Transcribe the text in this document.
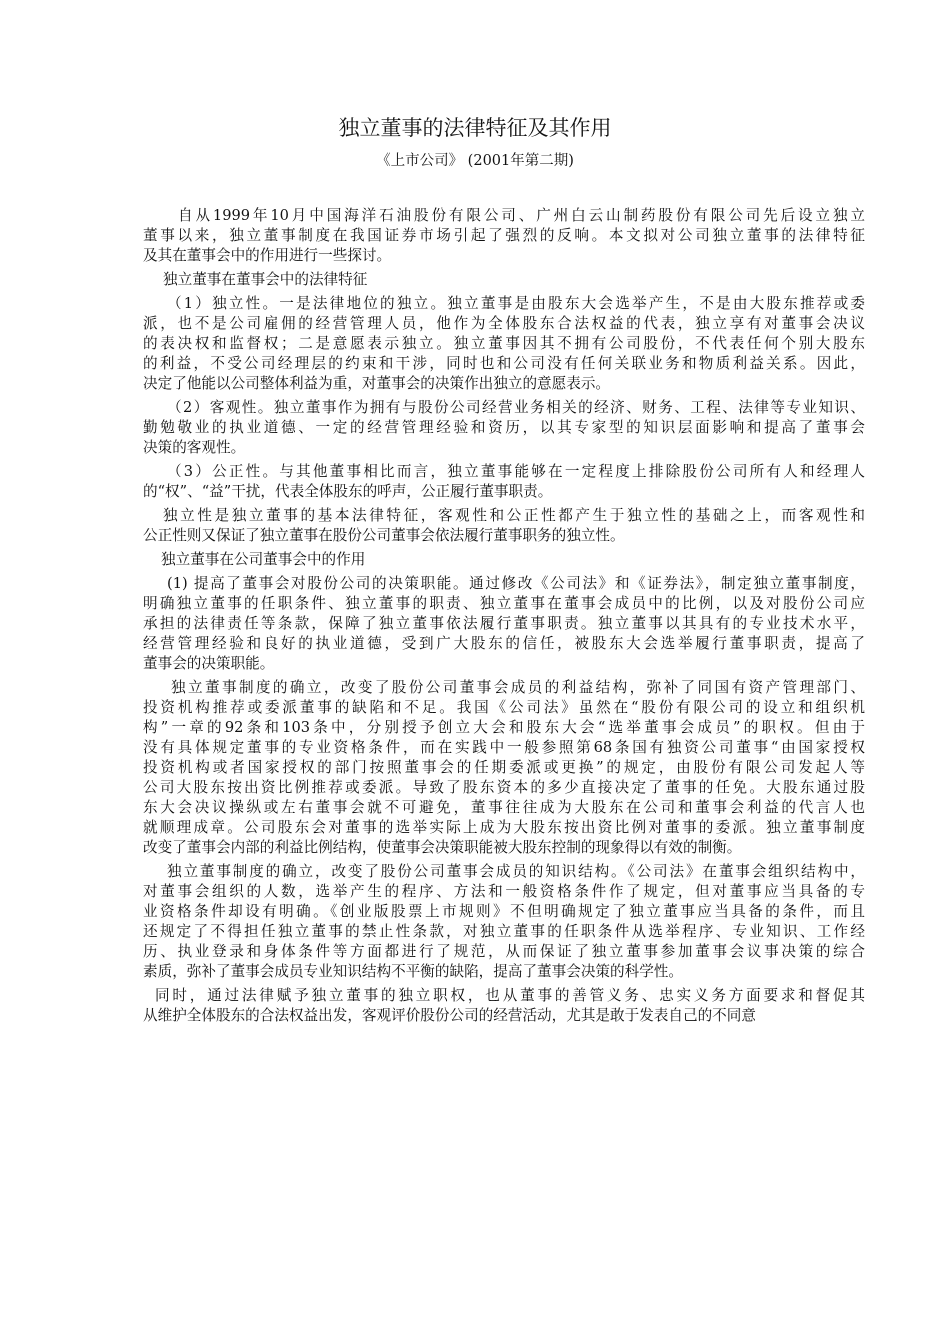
独立董事的法律特征及其作用
《上市公司》 (2001年第二期)
自从1999年10月中国海洋石油股份有限公司、广州白云山制药股份有限公司先后设立独立
董事以来，独立董事制度在我国证券市场引起了强烈的反响。本文拟对公司独立董事的法律特征
及其在董事会中的作用进行一些探讨。
独立董事在董事会中的法律特征
（1）独立性。一是法律地位的独立。独立董事是由股东大会选举产生，不是由大股东推荐或委
派，也不是公司雇佣的经营管理人员，他作为全体股东合法权益的代表，独立享有对董事会决议
的表决权和监督权；二是意愿表示独立。独立董事因其不拥有公司股份，不代表任何个别大股东
的利益，不受公司经理层的约束和干涉，同时也和公司没有任何关联业务和物质利益关系。因此，
决定了他能以公司整体利益为重，对董事会的决策作出独立的意愿表示。
（2）客观性。独立董事作为拥有与股份公司经营业务相关的经济、财务、工程、法律等专业知识、
勤勉敬业的执业道德、一定的经营管理经验和资历，以其专家型的知识层面影响和提高了董事会
决策的客观性。
（3）公正性。与其他董事相比而言，独立董事能够在一定程度上排除股份公司所有人和经理人
的“权”、“益”干扰，代表全体股东的呼声，公正履行董事职责。
独立性是独立董事的基本法律特征，客观性和公正性都产生于独立性的基础之上，而客观性和
公正性则又保证了独立董事在股份公司董事会依法履行董事职务的独立性。
独立董事在公司董事会中的作用
(1) 提高了董事会对股份公司的决策职能。通过修改《公司法》和《证券法》，制定独立董事制度，
明确独立董事的任职条件、独立董事的职责、独立董事在董事会成员中的比例，以及对股份公司应
承担的法律责任等条款，保障了独立董事依法履行董事职责。独立董事以其具有的专业技术水平，
经营管理经验和良好的执业道德，受到广大股东的信任，被股东大会选举履行董事职责，提高了
董事会的决策职能。
独立董事制度的确立，改变了股份公司董事会成员的利益结构，弥补了同国有资产管理部门、
投资机构推荐或委派董事的缺陷和不足。我国《公司法》虽然在“股份有限公司的设立和组织机
构”一章的92条和103条中，分别授予创立大会和股东大会“选举董事会成员”的职权。但由于
没有具体规定董事的专业资格条件，而在实践中一般参照第68条国有独资公司董事“由国家授权
投资机构或者国家授权的部门按照董事会的任期委派或更换”的规定，由股份有限公司发起人等
公司大股东按出资比例推荐或委派。导致了股东资本的多少直接决定了董事的任免。大股东通过股
东大会决议操纵或左右董事会就不可避免，董事往往成为大股东在公司和董事会利益的代言人也
就顺理成章。公司股东会对董事的选举实际上成为大股东按出资比例对董事的委派。独立董事制度
改变了董事会内部的利益比例结构，使董事会决策职能被大股东控制的现象得以有效的制衡。
独立董事制度的确立，改变了股份公司董事会成员的知识结构。《公司法》在董事会组织结构中，
对董事会组织的人数，选举产生的程序、方法和一般资格条件作了规定，但对董事应当具备的专
业资格条件却设有明确。《创业版股票上市规则》不但明确规定了独立董事应当具备的条件，而且
还规定了不得担任独立董事的禁止性条款，对独立董事的任职条件从选举程序、专业知识、工作经
历、执业登录和身体条件等方面都进行了规范，从而保证了独立董事参加董事会议事决策的综合
素质，弥补了董事会成员专业知识结构不平衡的缺陷，提高了董事会决策的科学性。
同时，通过法律赋予独立董事的独立职权，也从董事的善管义务、忠实义务方面要求和督促其
从维护全体股东的合法权益出发，客观评价股份公司的经营活动，尤其是敢于发表自己的不同意
